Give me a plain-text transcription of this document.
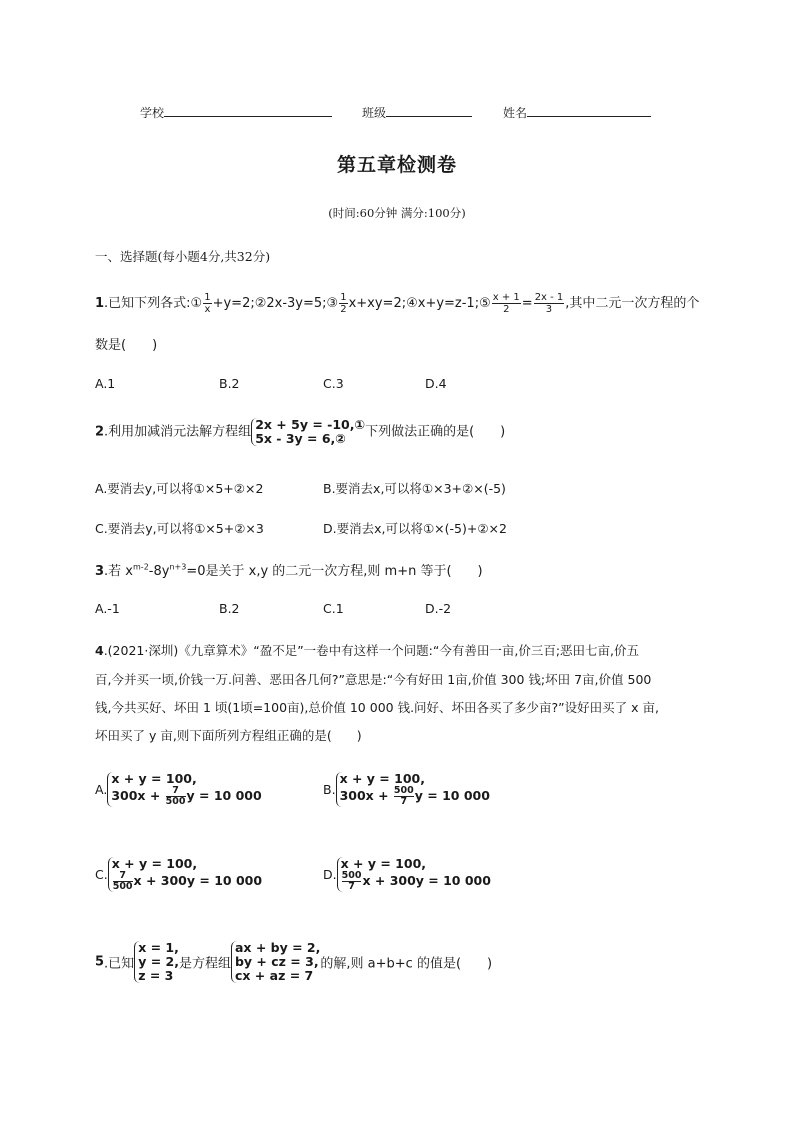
学校	班级	姓名
第五章检测卷
(时间:60分钟 满分:100分)
一、选择题(每小题4分,共32分)
1.已知下列各式:① $\frac{1}{x}$ +y=2;②2x-3y=5;③ $\frac{1}{2}$ x+xy=2;④x+y=z-1;⑤ $\frac{x + 1}{2} = \frac{2x - 1}{3}$ ,其中二元一次方程的个
数是(　　)
A.1	B.2	C.3	D.4
2.利用加减消元法解方程组 2x + 5y = -10,①
5x - 3y = 6,②	下列做法正确的是(　　)
A.要消去y,可以将①×5+②×2	B.要消去x,可以将①×3+②×(-5)
C.要消去y,可以将①×5+②×3	D.要消去x,可以将①×(-5)+②×2
3.若 $x^{m-2}-8y^{n+3}=0$是关于 x,y 的二元一次方程,则 m+n 等于(　　)
A.-1	B.2	C.1	D.-2
4.(2021·深圳)《九章算术》“盈不足”一卷中有这样一个问题:“今有善田一亩,价三百;恶田七亩,价五
百,今并买一顷,价钱一万.问善、恶田各几何?”意思是:“今有好田 1亩,价值 300 钱;坏田 7亩,价值 500
钱,今共买好、坏田 1 顷(1顷=100亩),总价值 10 000 钱.问好、坏田各买了多少亩?”设好田买了 x 亩,
坏田买了 y 亩,则下面所列方程组正确的是(　　)
A.
x + y = 100,
$300x + \frac{7}{500}$ y = 10 000	B.
x + y = 100,
$300x + \frac{500}{7}$ y = 10 000
C.
x + y = 100,
$\frac{7}{500}$ x + 300y = 10 000	D.
x + y = 100,
$\frac{500}{7}$ x + 300y = 10 000
5.已知
x = 1,
y = 2,
z = 3
是方程组
ax + by = 2,
by + cz = 3,
cx + az = 7
的解,则 a+b+c 的值是(　　)
